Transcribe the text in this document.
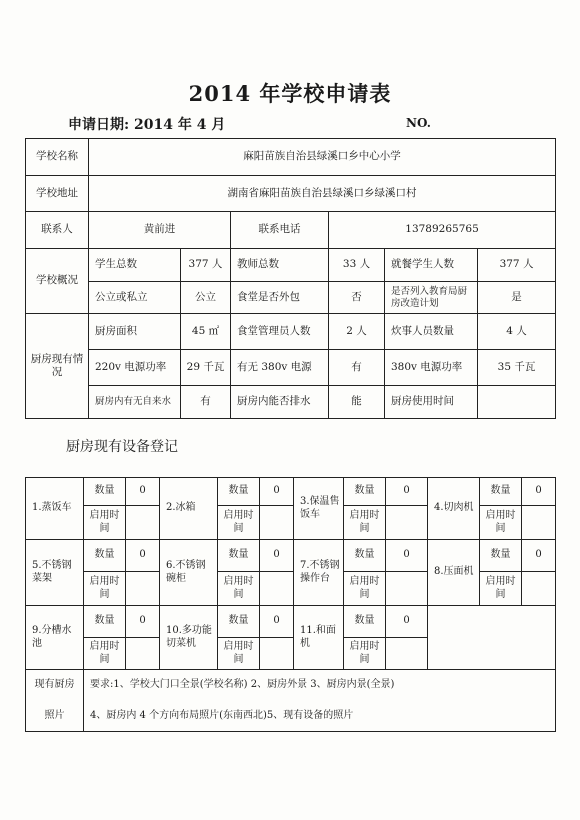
2014 年学校申请表
申请日期: 2014 年 4 月	NO.
学校名称	麻阳苗族自治县绿溪口乡中心小学					
学校地址	湖南省麻阳苗族自治县绿溪口乡绿溪口村					
联系人	黄前进		联系电话	13789265765		
学校概况	学生总数	377 人	教师总数	33 人	就餐学生人数	377 人
	公立或私立	公立	食堂是否外包	否	是否列入教育局厨房改造计划	是
厨房现有情况	厨房面积	45 ㎡	食堂管理员人数	2 人	炊事人员数量	4 人
	220v 电源功率	29 千瓦	有无 380v 电源	有	380v 电源功率	35 千瓦
	厨房内有无自来水	有	厨房内能否排水	能	厨房使用时间	
厨房现有设备登记
1.蒸饭车	数量	0	2.冰箱	数量	0	3.保温售饭车	数量	0	4.切肉机	数量	0
	启用时间			启用时间			启用时间			启用时间	
5.不锈钢菜架	数量	0	6.不锈钢碗柜	数量	0	7.不锈钢操作台	数量	0	8.压面机	数量	0
	启用时间			启用时间			启用时间			启用时间	
9.分槽水池	数量	0	10.多功能切菜机	数量	0	11.和面机	数量	0			
	启用时间			启用时间			启用时间				
现有厨房	要求:1、学校大门口全景(学校名称) 2、厨房外景 3、厨房内景(全景)										
照片	4、厨房内 4 个方向布局照片(东南西北)5、现有设备的照片										
